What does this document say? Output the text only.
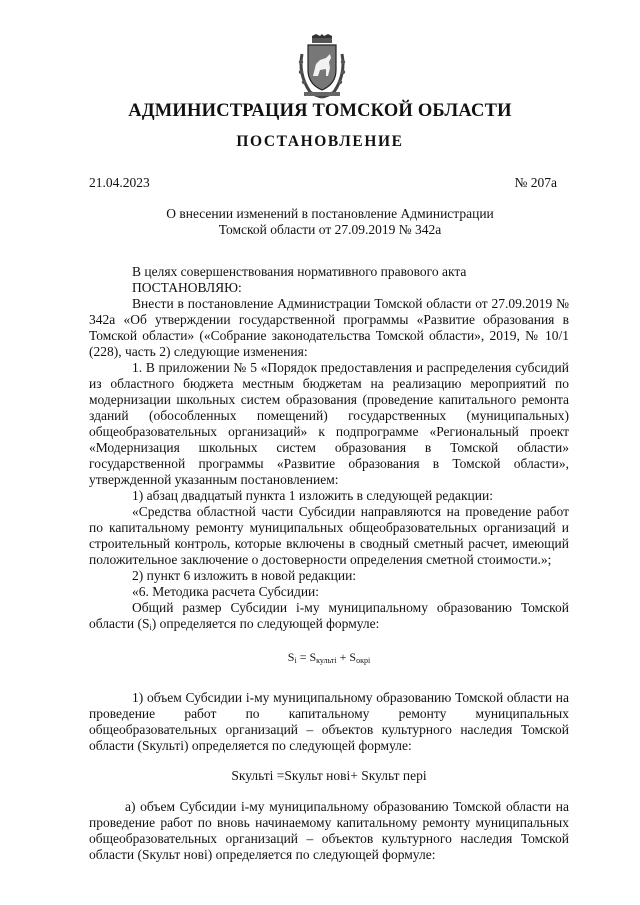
АДМИНИСТРАЦИЯ ТОМСКОЙ ОБЛАСТИ
ПОСТАНОВЛЕНИЕ
21.04.2023	№ 207а
О внесении изменений в постановление Администрации
Томской области от 27.09.2019 № 342а

В целях совершенствования нормативного правового акта

ПОСТАНОВЛЯЮ:

Внести в постановление Администрации Томской области от 27.09.2019 № 342а «Об утверждении государственной программы «Развитие образования в Томской области» («Собрание законодательства Томской области», 2019, № 10/1 (228), часть 2) следующие изменения:

1. В приложении № 5 «Порядок предоставления и распределения субсидий из областного бюджета местным бюджетам на реализацию мероприятий по модернизации школьных систем образования (проведение капитального ремонта зданий (обособленных помещений) государственных (муниципальных) общеобразовательных организаций» к подпрограмме «Региональный проект «Модернизация школьных систем образования в Томской области» государственной программы «Развитие образования в Томской области», утвержденной указанным постановлением:

1) абзац двадцатый пункта 1 изложить в следующей редакции:

«Средства областной части Субсидии направляются на проведение работ по капитальному ремонту муниципальных общеобразовательных организаций и строительный контроль, которые включены в сводный сметный расчет, имеющий положительное заключение о достоверности определения сметной стоимости.»;

2) пункт 6 изложить в новой редакции:

«6. Методика расчета Субсидии:

Общий размер Субсидии i-му муниципальному образованию Томской области $(S_i)$ определяется по следующей формуле:

$S_i = S_{культі} + S_{окрі}$

1) объем Субсидии i-му муниципальному образованию Томской области на проведение работ по капитальному ремонту муниципальных общеобразовательных организаций – объектов культурного наследия Томской области (Sкульті) определяется по следующей формуле:

Sкульті =Sкульт нові+ Sкульт пері

а) объем Субсидии i-му муниципальному образованию Томской области на проведение работ по вновь начинаемому капитальному ремонту муниципальных общеобразовательных организаций – объектов культурного наследия Томской области (Sкульт нові) определяется по следующей формуле:
